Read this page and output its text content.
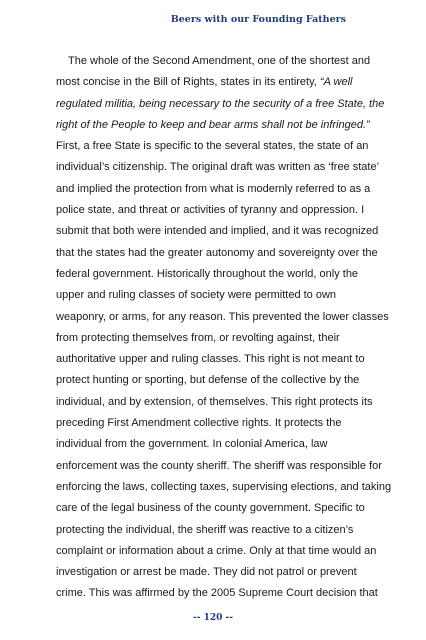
Beers with our Founding Fathers
The whole of the Second Amendment, one of the shortest and
most concise in the Bill of Rights, states in its entirety, “A well
regulated militia, being necessary to the security of a free State, the
right of the People to keep and bear arms shall not be infringed.”
First, a free State is specific to the several states, the state of an
individual’s citizenship. The original draft was written as ‘free state’
and implied the protection from what is modernly referred to as a
police state, and threat or activities of tyranny and oppression. I
submit that both were intended and implied, and it was recognized
that the states had the greater autonomy and sovereignty over the
federal government. Historically throughout the world, only the
upper and ruling classes of society were permitted to own
weaponry, or arms, for any reason. This prevented the lower classes
from protecting themselves from, or revolting against, their
authoritative upper and ruling classes. This right is not meant to
protect hunting or sporting, but defense of the collective by the
individual, and by extension, of themselves. This right protects its
preceding First Amendment collective rights. It protects the
individual from the government. In colonial America, law
enforcement was the county sheriff. The sheriff was responsible for
enforcing the laws, collecting taxes, supervising elections, and taking
care of the legal business of the county government. Specific to
protecting the individual, the sheriff was reactive to a citizen’s
complaint or information about a crime. Only at that time would an
investigation or arrest be made. They did not patrol or prevent
crime. This was affirmed by the 2005 Supreme Court decision that
-- 120 --
